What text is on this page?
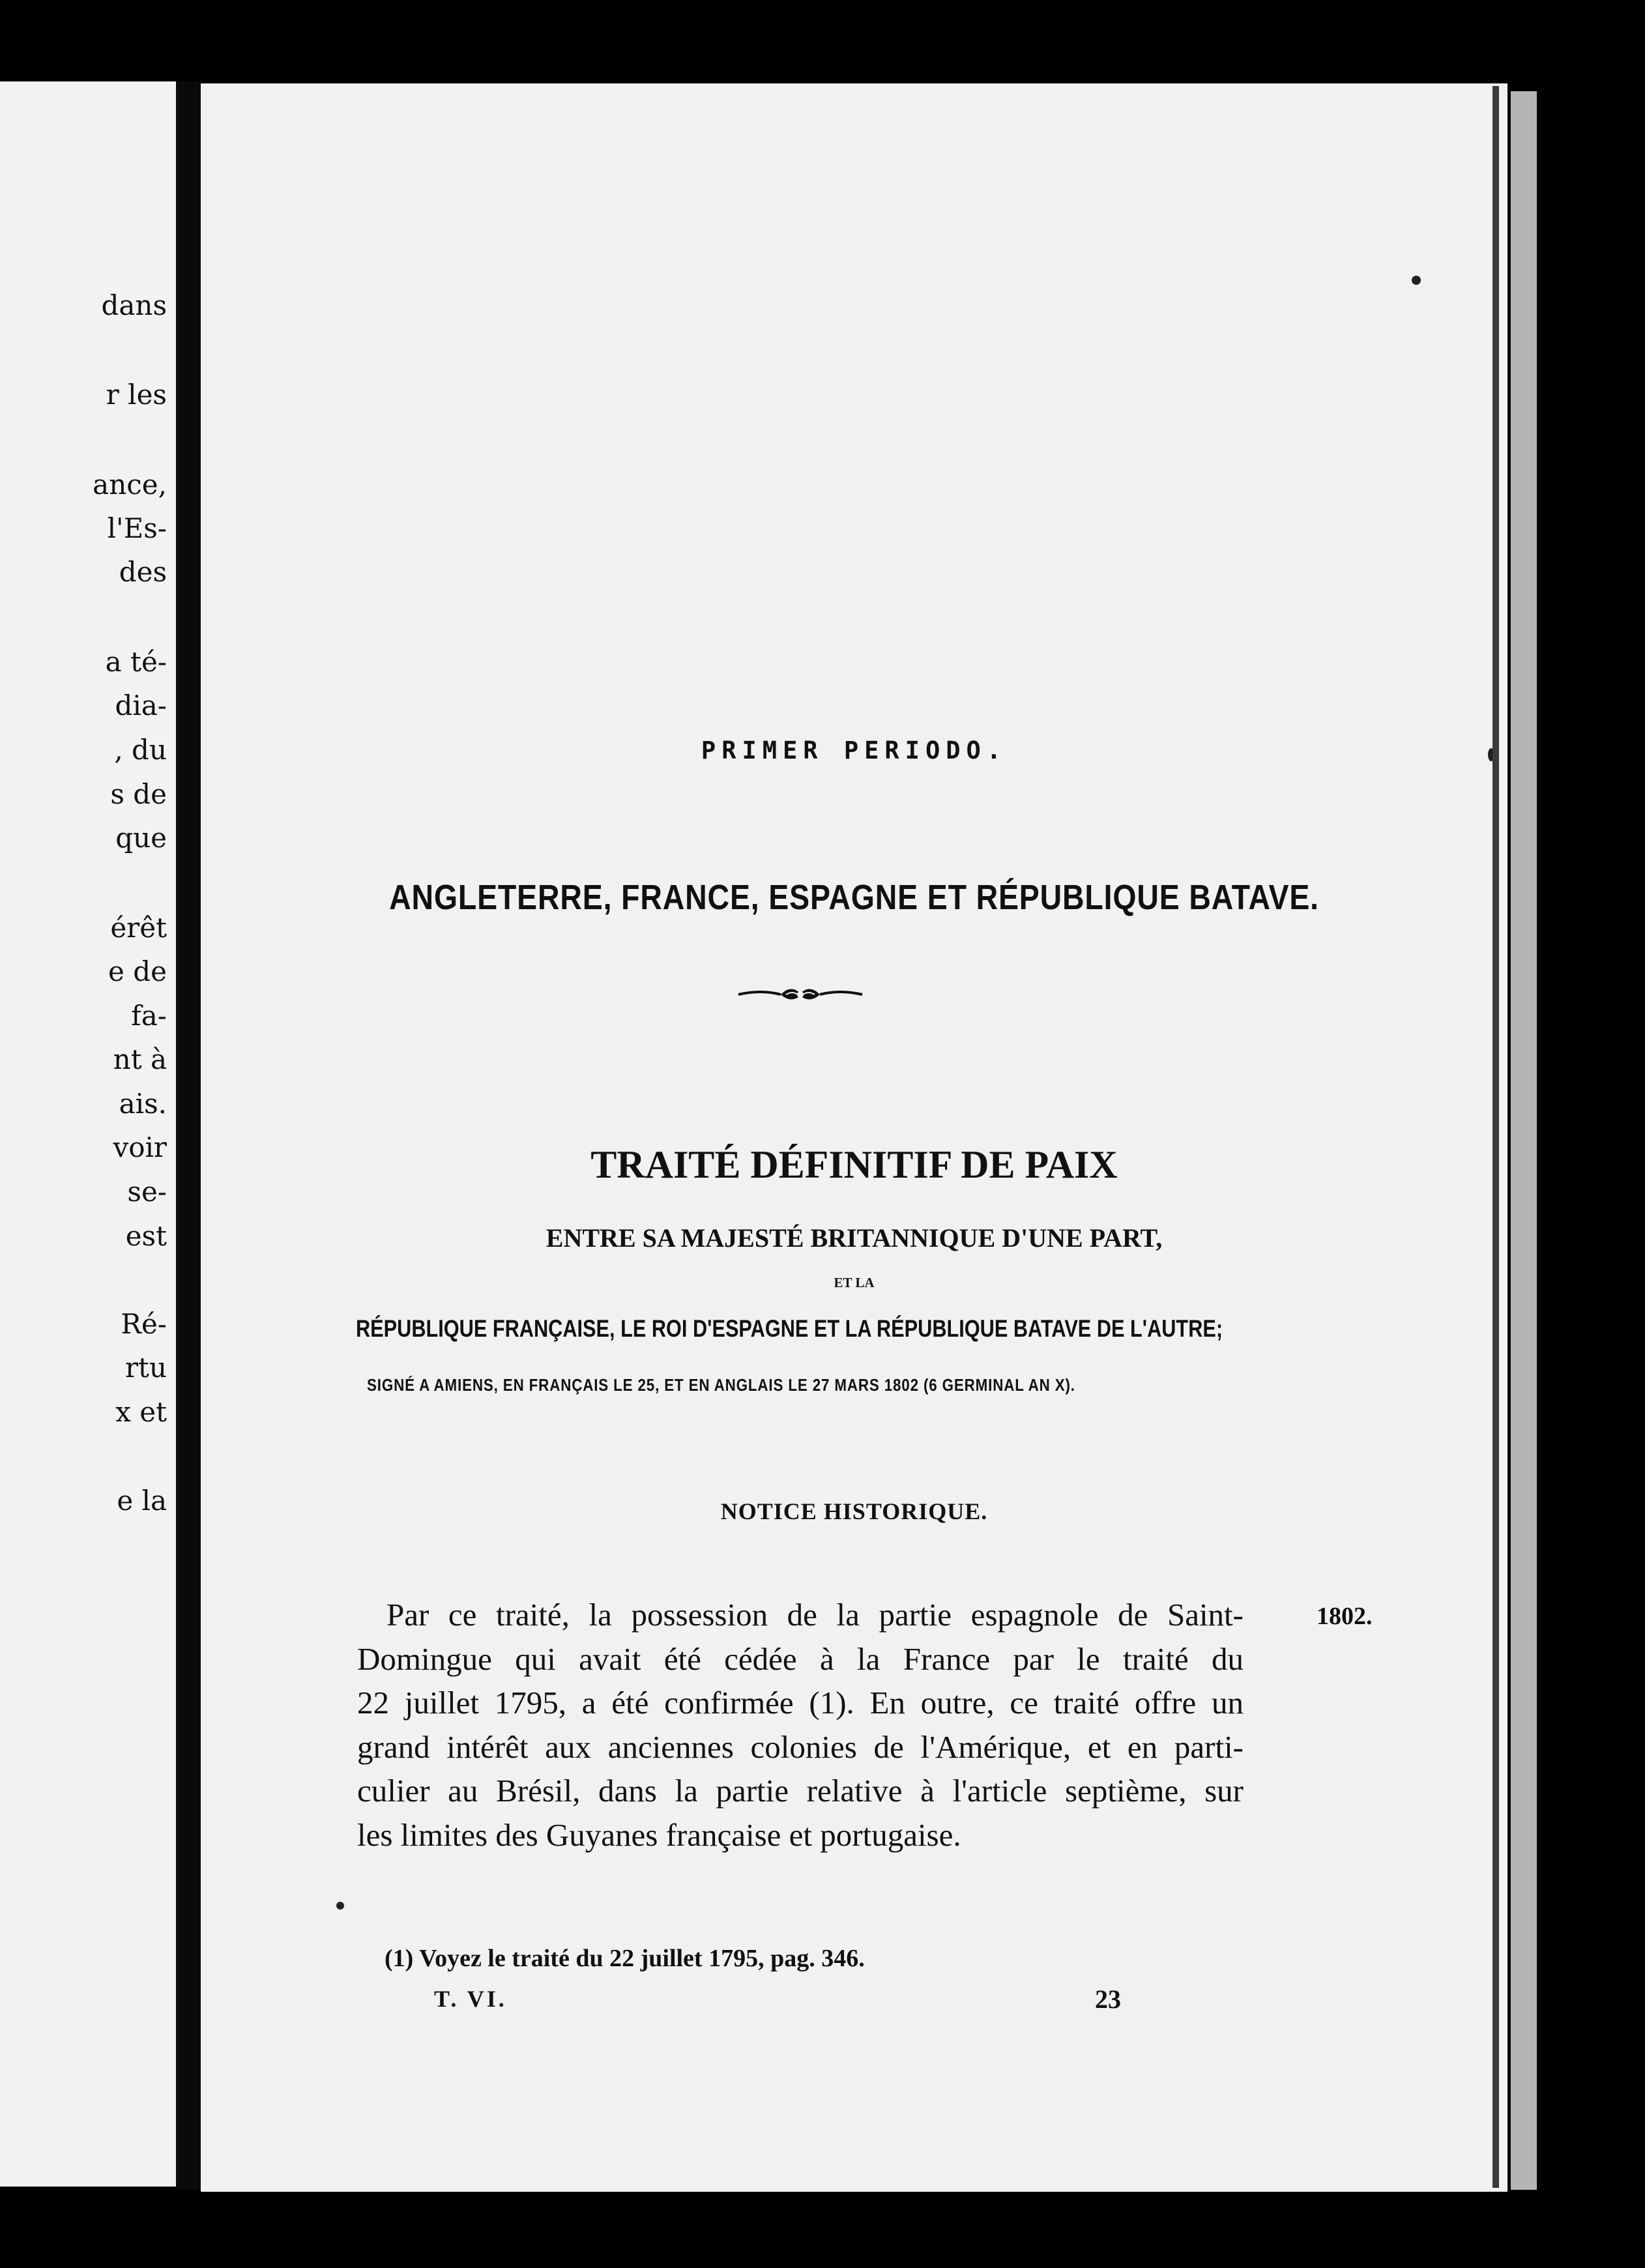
dans
r les
ance,
l'Es-
des
a té-
dia-
, du
s de
que
érêt
e de
fa-
nt à
ais.
voir
se-
est
Ré-
rtu
x et
e la
PRIMER PERIODO.
ANGLETERRE, FRANCE, ESPAGNE ET RÉPUBLIQUE BATAVE.
TRAITÉ DÉFINITIF DE PAIX
ENTRE SA MAJESTÉ BRITANNIQUE D'UNE PART,
ET LA
RÉPUBLIQUE FRANÇAISE, LE ROI D'ESPAGNE ET LA RÉPUBLIQUE BATAVE DE L'AUTRE;
SIGNÉ A AMIENS, EN FRANÇAIS LE 25, ET EN ANGLAIS LE 27 MARS 1802 (6 GERMINAL AN X).
NOTICE HISTORIQUE.
Par ce traité, la possession de la partie espagnole de Saint-
Domingue qui avait été cédée à la France par le traité du
22 juillet 1795, a été confirmée (1). En outre, ce traité offre un
grand intérêt aux anciennes colonies de l'Amérique, et en parti-
culier au Brésil, dans la partie relative à l'article septième, sur
les limites des Guyanes française et portugaise.
1802.
(1) Voyez le traité du 22 juillet 1795, pag. 346.
T. VI.	23
